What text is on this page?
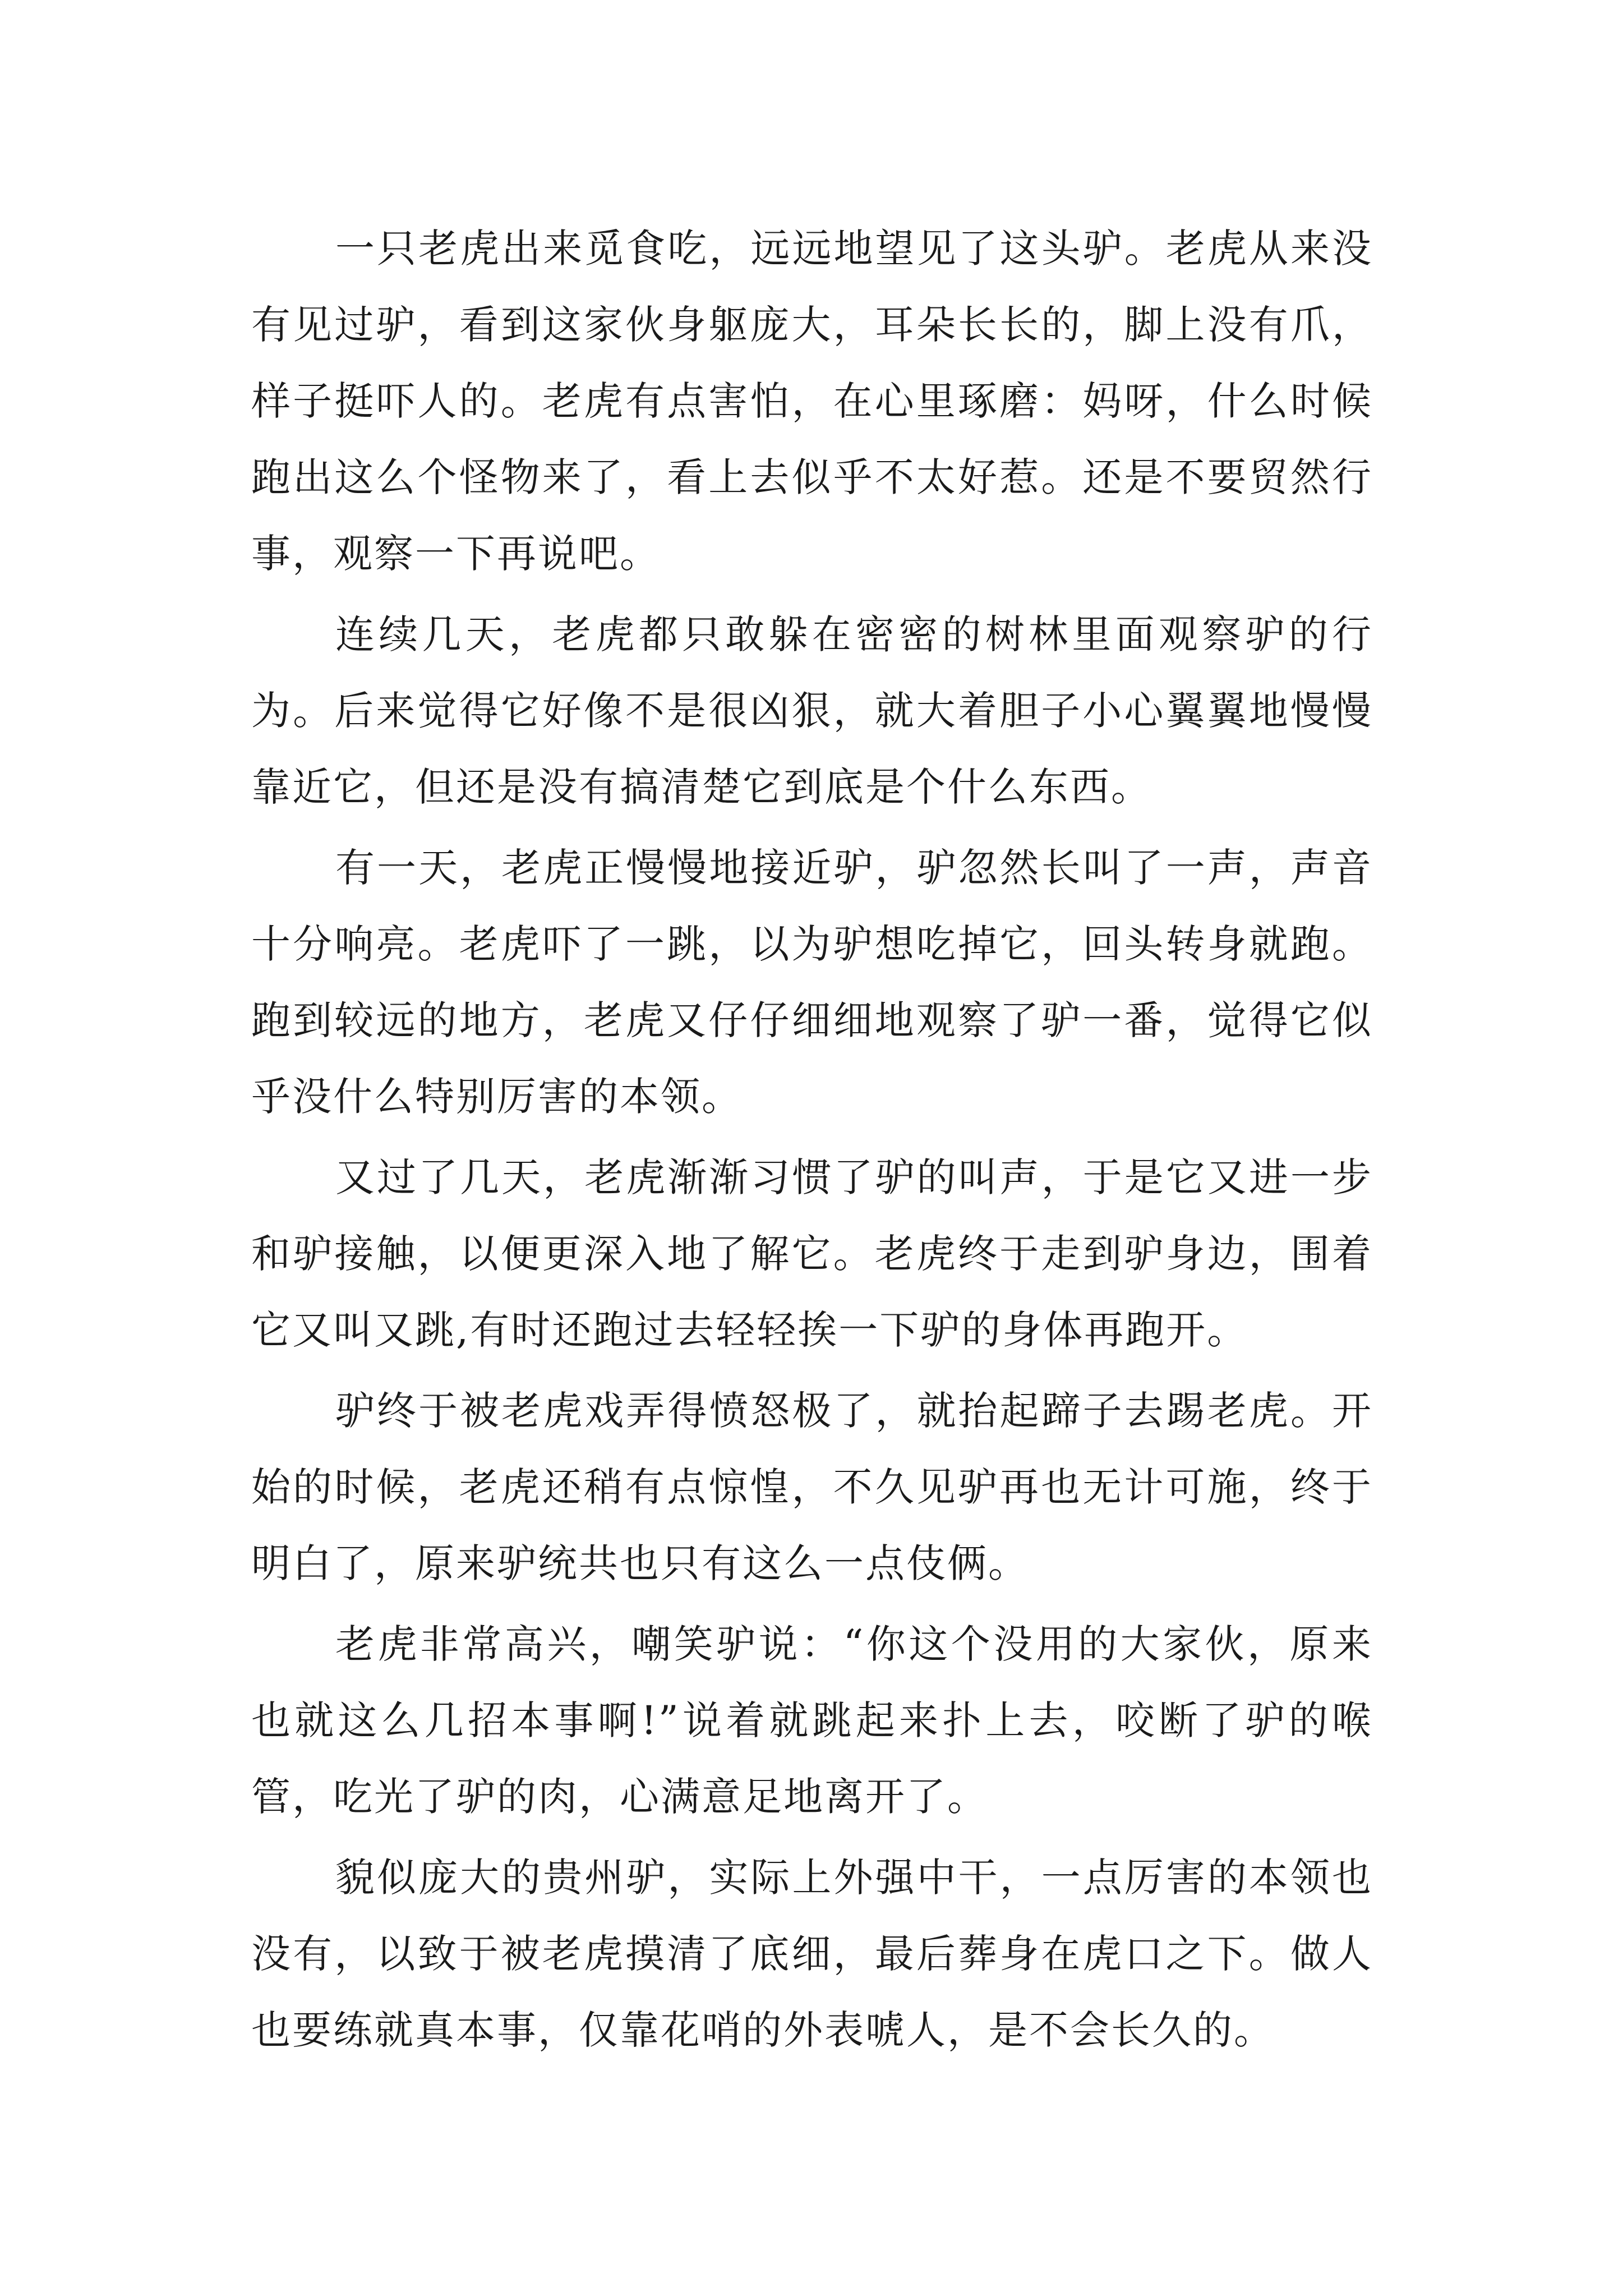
一只老虎出来觅食吃，远远地望见了这头驴。老虎从来没有见过驴，看到这家伙身躯庞大，耳朵长长的，脚上没有爪，样子挺吓人的。老虎有点害怕，在心里琢磨：妈呀，什么时候跑出这么个怪物来了，看上去似乎不太好惹。还是不要贸然行事，观察一下再说吧。

连续几天，老虎都只敢躲在密密的树林里面观察驴的行为。后来觉得它好像不是很凶狠，就大着胆子小心翼翼地慢慢靠近它，但还是没有搞清楚它到底是个什么东西。

有一天，老虎正慢慢地接近驴，驴忽然长叫了一声，声音十分响亮。老虎吓了一跳，以为驴想吃掉它，回头转身就跑。跑到较远的地方，老虎又仔仔细细地观察了驴一番，觉得它似乎没什么特别厉害的本领。

又过了几天，老虎渐渐习惯了驴的叫声，于是它又进一步和驴接触，以便更深入地了解它。老虎终于走到驴身边，围着它又叫又跳,有时还跑过去轻轻挨一下驴的身体再跑开。

驴终于被老虎戏弄得愤怒极了，就抬起蹄子去踢老虎。开始的时候，老虎还稍有点惊惶，不久见驴再也无计可施，终于明白了，原来驴统共也只有这么一点伎俩。

老虎非常高兴，嘲笑驴说：“你这个没用的大家伙，原来也就这么几招本事啊!”说着就跳起来扑上去，咬断了驴的喉管，吃光了驴的肉，心满意足地离开了。

貌似庞大的贵州驴，实际上外强中干，一点厉害的本领也没有，以致于被老虎摸清了底细，最后葬身在虎口之下。做人也要练就真本事，仅靠花哨的外表唬人，是不会长久的。
